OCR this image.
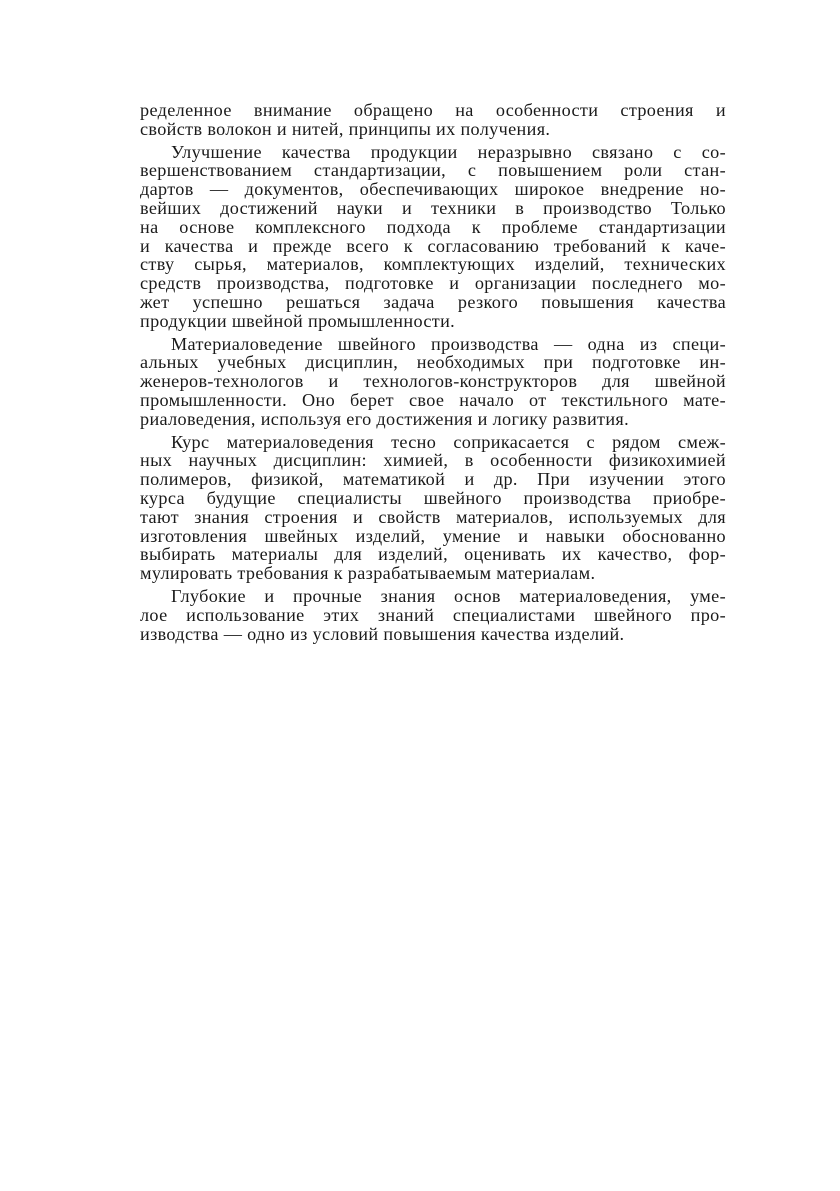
ределенное внимание обращено на особенности строения и
свойств волокон и нитей, принципы их получения.
Улучшение качества продукции неразрывно связано с со-
вершенствованием стандартизации, с повышением роли стан-
дартов — документов, обеспечивающих широкое внедрение но-
вейших достижений науки и техники в производство Только
на основе комплексного подхода к проблеме стандартизации
и качества и прежде всего к согласованию требований к каче-
ству сырья, материалов, комплектующих изделий, технических
средств производства, подготовке и организации последнего мо-
жет успешно решаться задача резкого повышения качества
продукции швейной промышленности.
Материаловедение швейного производства — одна из специ-
альных учебных дисциплин, необходимых при подготовке ин-
женеров-технологов и технологов-конструкторов для швейной
промышленности. Оно берет свое начало от текстильного мате-
риаловедения, используя его достижения и логику развития.
Курс материаловедения тесно соприкасается с рядом смеж-
ных научных дисциплин: химией, в особенности физикохимией
полимеров, физикой, математикой и др. При изучении этого
курса будущие специалисты швейного производства приобре-
тают знания строения и свойств материалов, используемых для
изготовления швейных изделий, умение и навыки обоснованно
выбирать материалы для изделий, оценивать их качество, фор-
мулировать требования к разрабатываемым материалам.
Глубокие и прочные знания основ материаловедения, уме-
лое использование этих знаний специалистами швейного про-
изводства — одно из условий повышения качества изделий.
